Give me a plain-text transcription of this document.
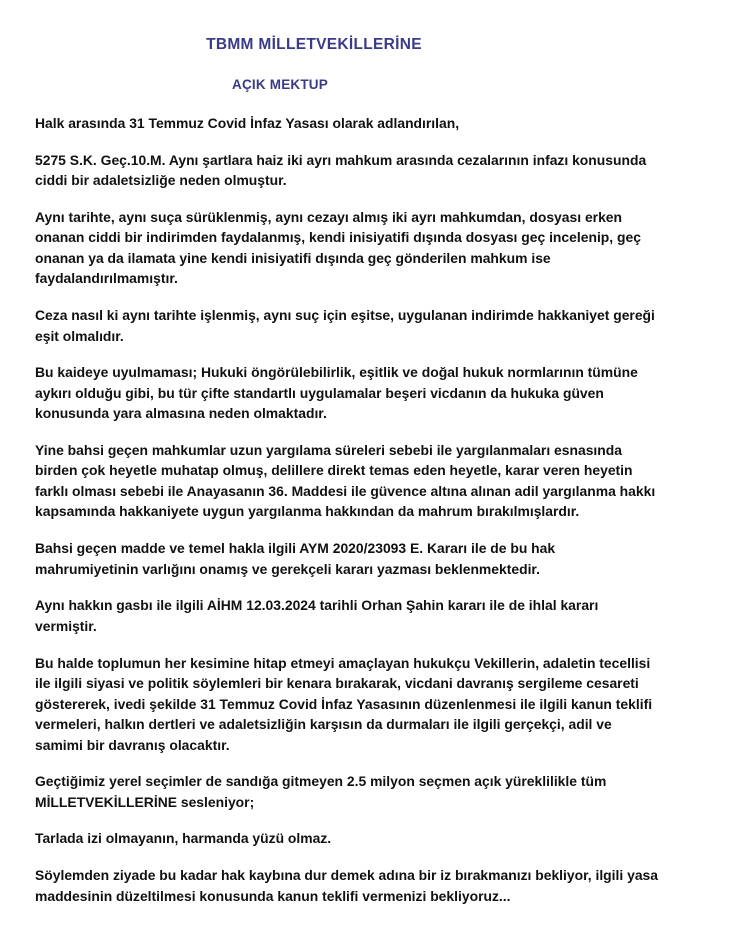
TBMM MİLLETVEKİLLERİNE
AÇIK MEKTUP

Halk arasında 31 Temmuz Covid İnfaz Yasası olarak adlandırılan,

5275 S.K. Geç.10.M. Aynı şartlara haiz iki ayrı mahkum arasında cezalarının infazı konusunda
ciddi bir adaletsizliğe neden olmuştur.

Aynı tarihte, aynı suça sürüklenmiş, aynı cezayı almış iki ayrı mahkumdan, dosyası erken
onanan ciddi bir indirimden faydalanmış, kendi inisiyatifi dışında dosyası geç incelenip, geç
onanan ya da ilamata yine kendi inisiyatifi dışında geç gönderilen mahkum ise
faydalandırılmamıştır.

Ceza nasıl ki aynı tarihte işlenmiş, aynı suç için eşitse, uygulanan indirimde hakkaniyet gereği
eşit olmalıdır.

Bu kaideye uyulmaması; Hukuki öngörülebilirlik, eşitlik ve doğal hukuk normlarının tümüne
aykırı olduğu gibi, bu tür çifte standartlı uygulamalar beşeri vicdanın da hukuka güven
konusunda yara almasına neden olmaktadır.

Yine bahsi geçen mahkumlar uzun yargılama süreleri sebebi ile yargılanmaları esnasında
birden çok heyetle muhatap olmuş, delillere direkt temas eden heyetle, karar veren heyetin
farklı olması sebebi ile Anayasanın 36. Maddesi ile güvence altına alınan adil yargılanma hakkı
kapsamında hakkaniyete uygun yargılanma hakkından da mahrum bırakılmışlardır.

Bahsi geçen madde ve temel hakla ilgili AYM 2020/23093 E. Kararı ile de bu hak
mahrumiyetinin varlığını onamış ve gerekçeli kararı yazması beklenmektedir.

Aynı hakkın gasbı ile ilgili AİHM 12.03.2024 tarihli Orhan Şahin kararı ile de ihlal kararı
vermiştir.

Bu halde toplumun her kesimine hitap etmeyi amaçlayan hukukçu Vekillerin, adaletin tecellisi
ile ilgili siyasi ve politik söylemleri bir kenara bırakarak, vicdani davranış sergileme cesareti
göstererek, ivedi şekilde 31 Temmuz Covid İnfaz Yasasının düzenlenmesi ile ilgili kanun teklifi
vermeleri, halkın dertleri ve adaletsizliğin karşısın da durmaları ile ilgili gerçekçi, adil ve
samimi bir davranış olacaktır.

Geçtiğimiz yerel seçimler de sandığa gitmeyen 2.5 milyon seçmen açık yüreklilikle tüm
MİLLETVEKİLLERİNE sesleniyor;

Tarlada izi olmayanın, harmanda yüzü olmaz.

Söylemden ziyade bu kadar hak kaybına dur demek adına bir iz bırakmanızı bekliyor, ilgili yasa
maddesinin düzeltilmesi konusunda kanun teklifi vermenizi bekliyoruz...
